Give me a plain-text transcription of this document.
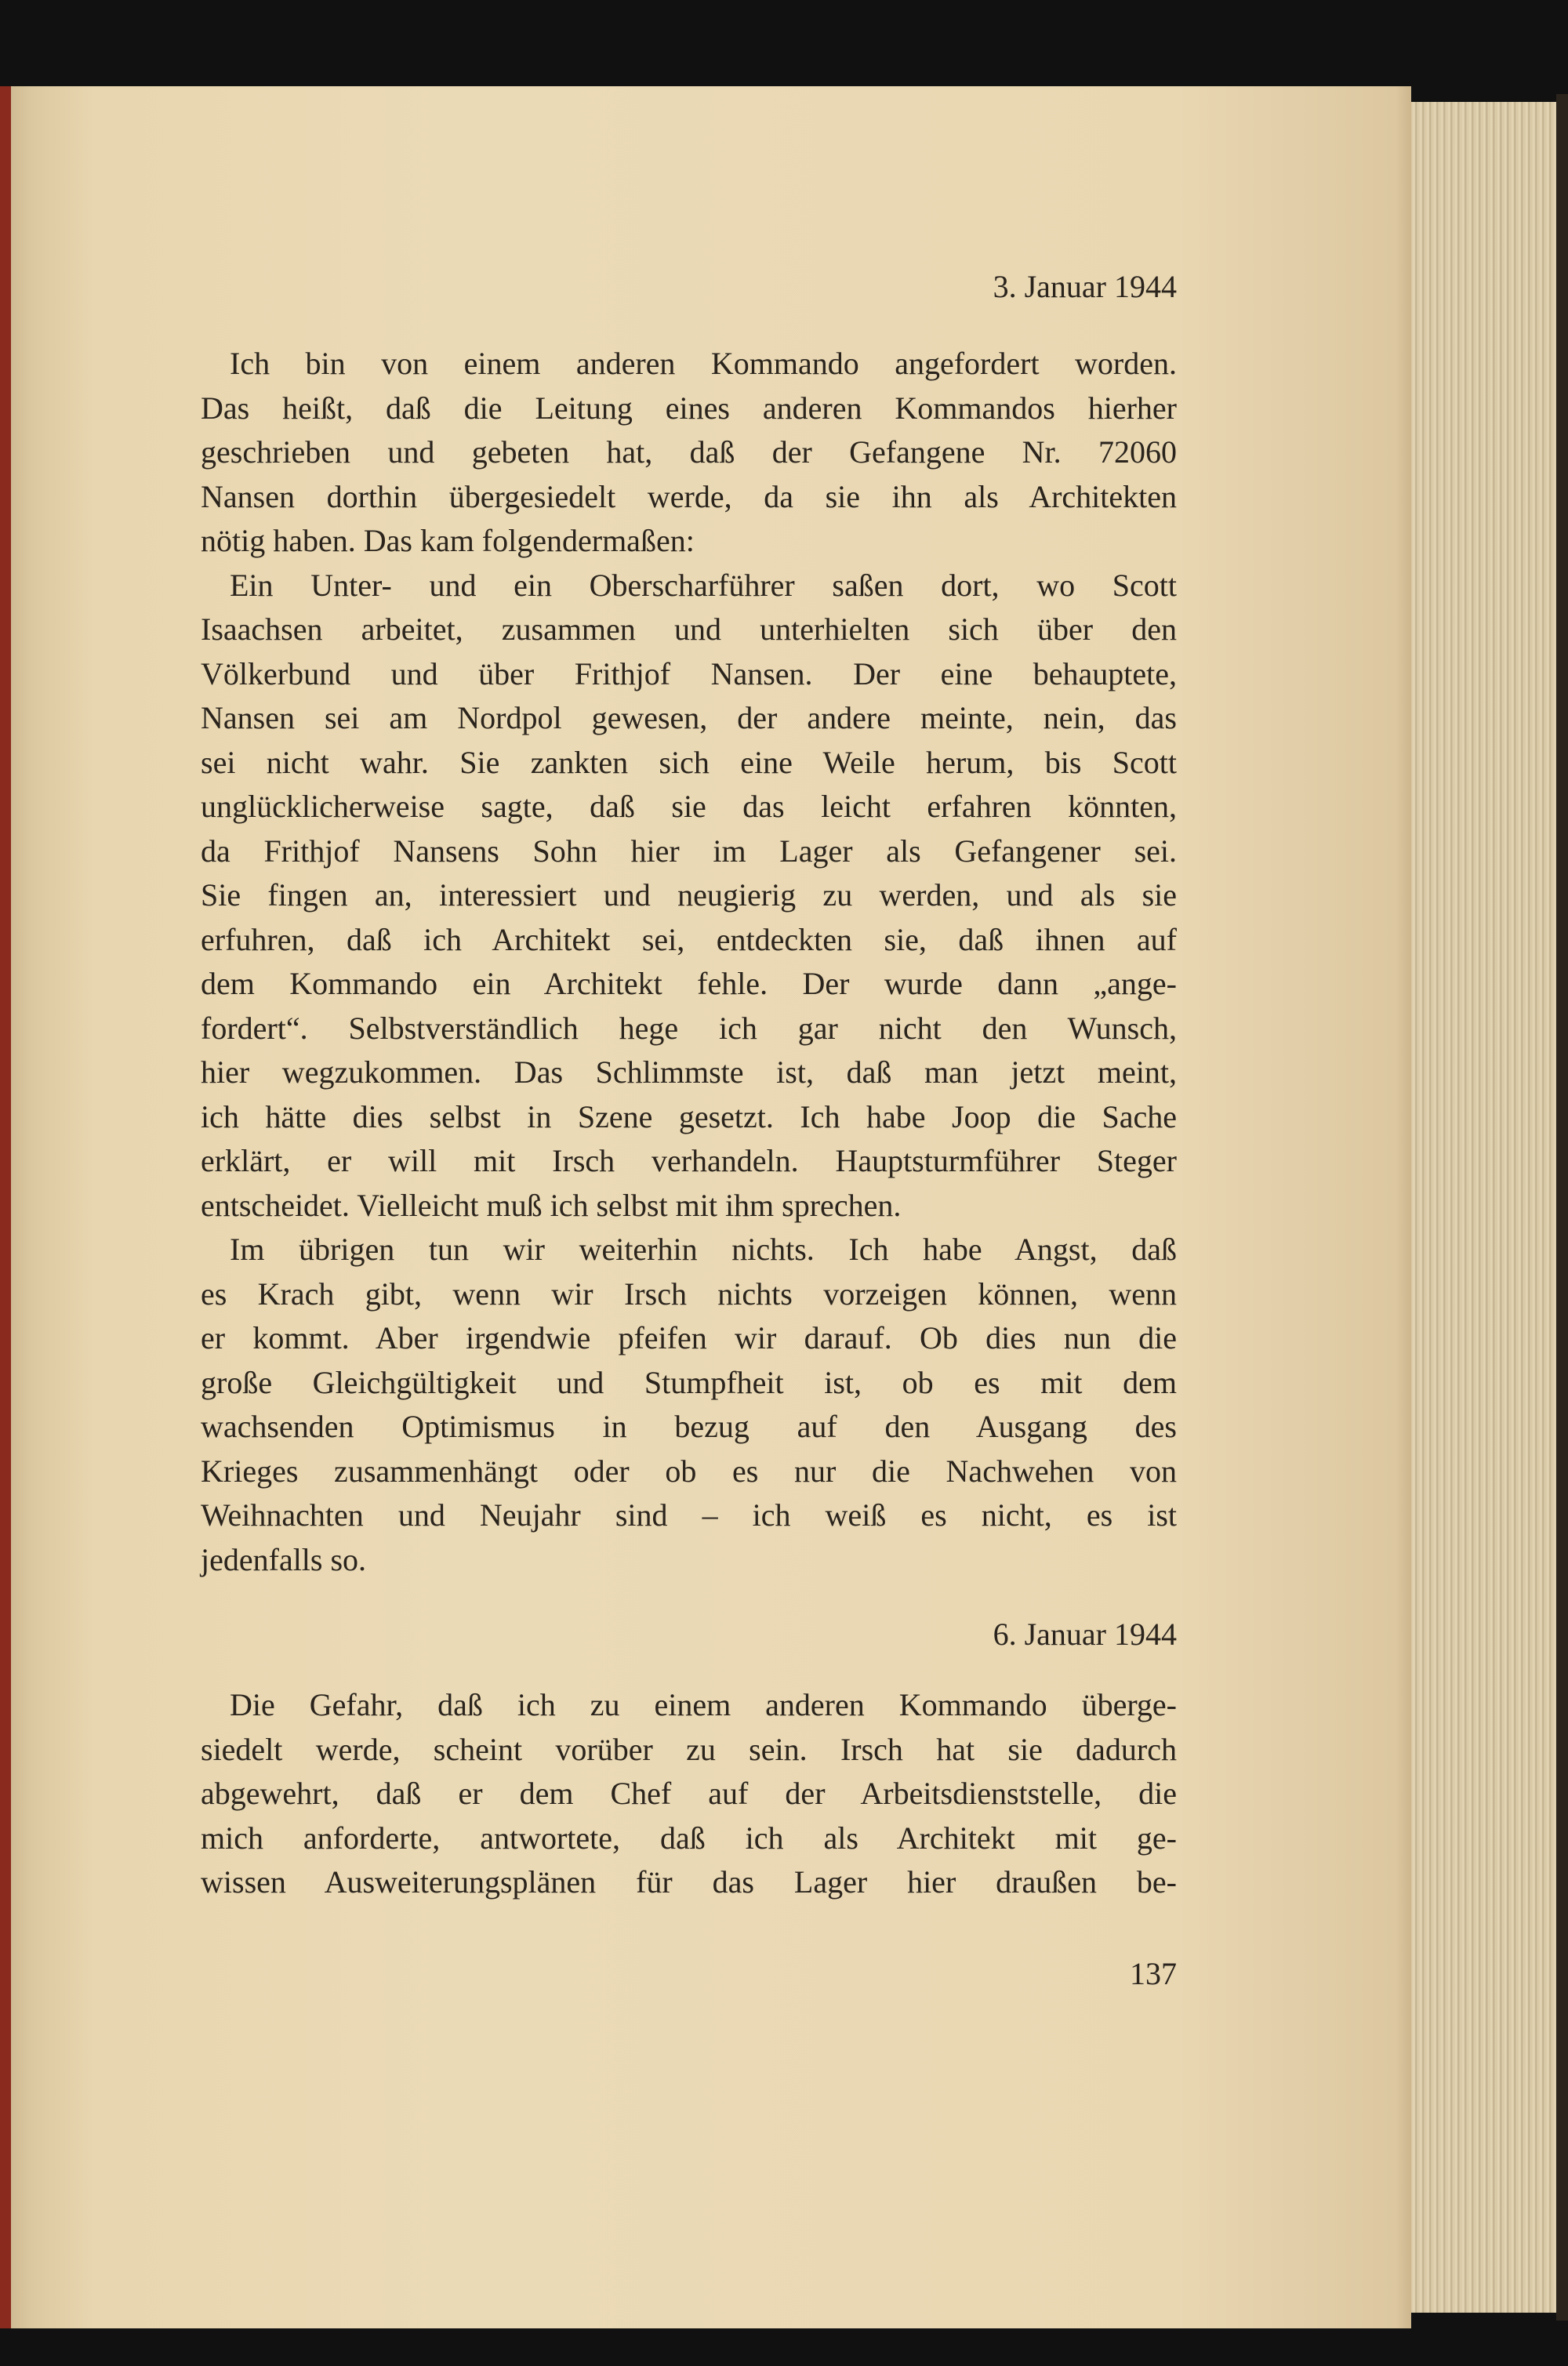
3. Januar 1944
Ich bin von einem anderen Kommando angefordert worden.
Das heißt, daß die Leitung eines anderen Kommandos hierher
geschrieben und gebeten hat, daß der Gefangene Nr. 72060
Nansen dorthin übergesiedelt werde, da sie ihn als Architekten
nötig haben. Das kam folgendermaßen:
Ein Unter- und ein Oberscharführer saßen dort, wo Scott
Isaachsen arbeitet, zusammen und unterhielten sich über den
Völkerbund und über Frithjof Nansen. Der eine behauptete,
Nansen sei am Nordpol gewesen, der andere meinte, nein, das
sei nicht wahr. Sie zankten sich eine Weile herum, bis Scott
unglücklicherweise sagte, daß sie das leicht erfahren könnten,
da Frithjof Nansens Sohn hier im Lager als Gefangener sei.
Sie fingen an, interessiert und neugierig zu werden, und als sie
erfuhren, daß ich Architekt sei, entdeckten sie, daß ihnen auf
dem Kommando ein Architekt fehle. Der wurde dann „ange-
fordert“. Selbstverständlich hege ich gar nicht den Wunsch,
hier wegzukommen. Das Schlimmste ist, daß man jetzt meint,
ich hätte dies selbst in Szene gesetzt. Ich habe Joop die Sache
erklärt, er will mit Irsch verhandeln. Hauptsturmführer Steger
entscheidet. Vielleicht muß ich selbst mit ihm sprechen.
Im übrigen tun wir weiterhin nichts. Ich habe Angst, daß
es Krach gibt, wenn wir Irsch nichts vorzeigen können, wenn
er kommt. Aber irgendwie pfeifen wir darauf. Ob dies nun die
große Gleichgültigkeit und Stumpfheit ist, ob es mit dem
wachsenden Optimismus in bezug auf den Ausgang des
Krieges zusammenhängt oder ob es nur die Nachwehen von
Weihnachten und Neujahr sind – ich weiß es nicht, es ist
jedenfalls so.
6. Januar 1944
Die Gefahr, daß ich zu einem anderen Kommando überge-
siedelt werde, scheint vorüber zu sein. Irsch hat sie dadurch
abgewehrt, daß er dem Chef auf der Arbeitsdienststelle, die
mich anforderte, antwortete, daß ich als Architekt mit ge-
wissen Ausweiterungsplänen für das Lager hier draußen be-
137
